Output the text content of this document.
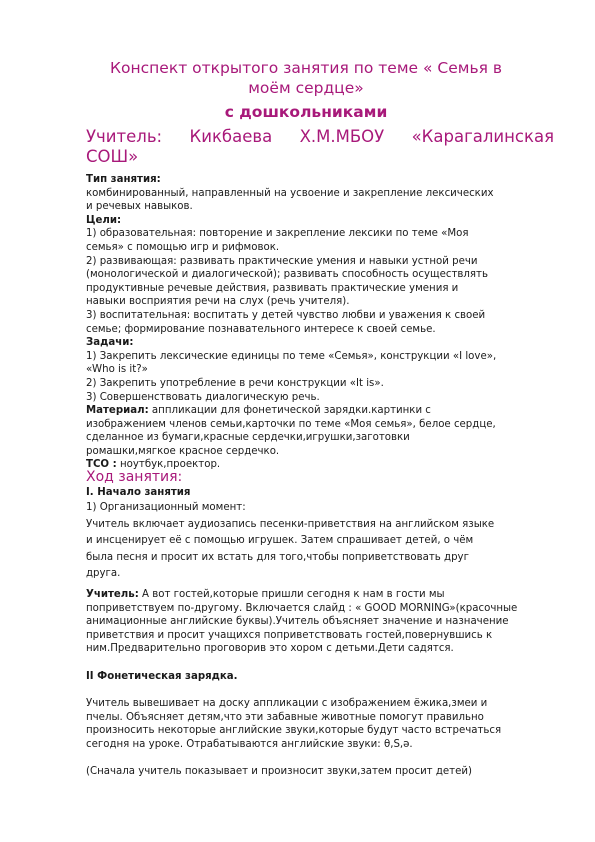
Конспект открытого занятия по теме « Семья в
моём сердце»
с дошкольниками
Учитель: Кикбаева Х.М.МБОУ «Карагалинская
СОШ»

Тип занятия:

комбинированный, направленный на усвоение и закрепление лексических

и речевых навыков.

Цели:

1) образовательная: повторение и закрепление лексики по теме «Моя

семья» с помощью игр и рифмовок.

2) развивающая: развивать практические умения и навыки устной речи

(монологической и диалогической); развивать способность осуществлять

продуктивные речевые действия, развивать практические умения и

навыки восприятия речи на слух (речь учителя).

3) воспитательная: воспитать у детей чувство любви и уважения к своей

семье; формирование познавательного интересе к своей семье.

Задачи:

1) Закрепить лексические единицы по теме «Семья», конструкции «I love»,

«Who is it?»

2) Закрепить употребление в речи конструкции «It is».

3) Совершенствовать диалогическую речь.

Материал: аппликации для фонетической зарядки.картинки с

изображением членов семьи,карточки по теме «Моя семья», белое сердце,

сделанное из бумаги,красные сердечки,игрушки,заготовки

ромашки,мягкое красное сердечко.

ТСО : ноутбук,проектор.

Ход занятия:

I. Начало занятия

1) Организационный момент:

Учитель включает аудиозапись песенки-приветствия на английском языке

и инсценирует её с помощью игрушек. Затем спрашивает детей, о чём

была песня и просит их встать для того,чтобы поприветствовать друг

друга.

Учитель: А вот гостей,которые пришли сегодня к нам в гости мы

поприветствуем по-другому. Включается слайд : « GOOD MORNING»(красочные

анимационные английские буквы).Учитель объясняет значение и назначение

приветствия и просит учащихся поприветствовать гостей,повернувшись к

ним.Предварительно проговорив это хором с детьми.Дети садятся.

II Фонетическая зарядка.

Учитель вывешивает на доску аппликации с изображением ёжика,змеи и

пчелы. Объясняет детям,что эти забавные животные помогут правильно

произносить некоторые английские звуки,которые будут часто встречаться

сегодня на уроке. Отрабатываются английские звуки: θ,S,ə.

(Сначала учитель показывает и произносит звуки,затем просит детей)
